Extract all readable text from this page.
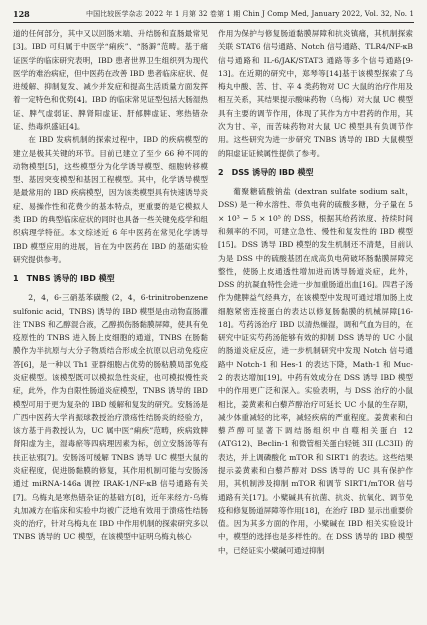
128	中国比较医学杂志 2022 年 1 月第 32 卷第 1 期 Chin J Comp Med, January 2022, Vol. 32, No. 1

道的任何部分，其中又以回肠末端、升结肠和直肠最常见[3]。IBD 可归属于中医学“痢疾”、“肠澼”范畴。基于痛证医学的临床研究表明，IBD 患者世界卫生组织列为现代医学的难治病症，但中医药在改善 IBD 患者临床症状、促进缓解、抑制复发、减少并发症和提高生活质量方面发挥着一定特色和优势[4]。IBD 的临床常见证型包括大肠湿热证、脾气虚弱证、脾肾阳虚证、肝郁脾虚证、寒热错杂证、热毒炽盛证[4]。

在 IBD 发病机制的探索过程中，IBD 的疾病模型的建立是极其关键的环节。目前已建立了至少 66 种不同的动物模型[5]，这些模型分为化学诱导模型、细胞转移模型、基因突变模型和基因工程模型。其中，化学诱导模型是最常用的 IBD 疾病模型，因为该类模型具有快速诱导炎症、易操作性和花费少的基本特点，更重要的是它模拟人类 IBD 的典型临床症状的同时也具备一些关键免疫学和组织病理学特征。本文综述近 6 年中医药在常见化学诱导 IBD 模型应用的进展，旨在为中医药在 IBD 的基础实验研究提供参考。

1　TNBS 诱导的 IBD 模型

2，4，6-三硝基苯磺酸 (2，4，6-trinitrobenzene sulfonic acid，TNBS) 诱导的 IBD 模型是由动物直肠灌注 TNBS 和乙醇混合液，乙醇损伤肠黏膜屏障，使具有免疫原性的 TNBS 进入肠上皮细胞的通道，TNBS 在肠黏膜作为半抗原与大分子物质结合形成全抗原以启动免疫应答[6]，是一种以 Th1 亚群细胞占优势的肠粘膜局部免疫炎症模型。该模型既可以模拟急性炎症，也可模拟慢性炎症，此外，作为自限性肠道炎症模型，TNBS 诱导的 IBD 模型可用于更为复杂的 IBD 缓解和复发的研究。安肠汤是广西中医药大学肖振球教授治疗溃疡性结肠炎的经验方，该方基于肖教授认为，UC 属中医“痢疾”范畴，疾病致脾肾阳虚为主，湿毒瘀等四病理因素为标，创立安肠汤等有扶正祛邪[7]。安肠汤可缓解 TNBS 诱导 UC 模型大鼠的炎症程度，促进肠黏膜的修复，其作用机制可能与安肠汤通过 miRNA-146a 调控 IRAK-1/NF-κB 信号通路有关[7]。乌梅丸是寒热错杂证的基础方[8]，近年来经方-乌梅丸加减方在临床和实验中均被广泛地有效用于溃疡性结肠炎的治疗，针对乌梅丸在 IBD 中作用机制的探索研究多以 TNBS 诱导的 UC 模型，在该模型中证明乌梅丸核心

作用为保护与修复肠道黏膜屏障和抗炎镇痛，其机制探索关联 STAT6 信号通路、Notch 信号通路、TLR4/NF-κB 信号通路和 IL-6/JAK/STAT3 通路等多个信号通路[9-13]。在近期的研究中，郑琴等[14]基于该模型探索了乌梅丸中酸、苦、甘、辛 4 类药物对 UC 大鼠的治疗作用及相互关系，其结果提示酸味药物（乌梅）对大鼠 UC 模型具有主要的调节作用，体现了其作为方中君药的作用，其次为甘、辛，而苦味药物对大鼠 UC 模型具有负调节作用。这些研究为进一步研究 TNBS 诱导的 IBD 大鼠模型的阳虚证证候属性提供了参考。

2　DSS 诱导的 IBD 模型

葡聚糖硫酸钠盐 (dextran sulfate sodium salt，DSS) 是一种水溶性、带负电荷的硫酸多糖，分子量在 5 × 10³ ~ 5 × 10⁵ 的 DSS，根据其给药浓度、持续时间和频率的不同，可建立急性、慢性和复发性的 IBD 模型[15]。DSS 诱导 IBD 模型的发生机制还不清楚，目前认为是 DSS 中的硫酸基团在成高负电荷破坏肠黏膜屏障完整性，使肠上皮通透性增加进而诱导肠道炎症，此外，DSS 的抗凝血特性会进一步加重肠道出血[16]。四君子汤作为健脾益气经典方，在该模型中发现可通过增加肠上皮细胞紧密连接蛋白的表达以修复肠黏膜的机械屏障[16-18]。芍药汤治疗 IBD 以清热燥湿，调和气血为目的，在研究中证实芍药汤能够有效的抑制 DSS 诱导的 UC 小鼠的肠道炎症反应，进一步机制研究中发现 Notch 信号通路中 Notch-1 和 Hes-1 的表达下降，Math-1 和 Muc-2 的表达增加[19]。中药有效成分在 DSS 诱导 IBD 模型中的作用更广泛和深入。实验表明，与 DSS 治疗的小鼠相比，姜黄素和白藜芦醇治疗可延长 UC 小鼠的生存期，减少体重减轻的比率，减轻疾病的严重程度。姜黄素和白藜芦醇可显著下调结肠组织中自噬相关蛋白 12 (ATG12)、Beclin-1 和微管相关蛋白轻链 3II (LC3II) 的表达，并上调磷酸化 mTOR 和 SIRT1 的表达。这些结果提示姜黄素和白藜芦醇对 DSS 诱导的 UC 具有保护作用，其机制涉及抑制 mTOR 和调节 SIRT1/mTOR 信号通路有关[17]。小檗碱具有抗菌、抗炎、抗氧化、调节免疫和修复肠道屏障等作用[18]，在治疗 IBD 显示出重要价值。因为其多方面的作用，小檗碱在 IBD 相关实验设计中，模型的选择也是多样性的。在 DSS 诱导的 IBD 模型中，已经证实小檗碱可通过抑制
